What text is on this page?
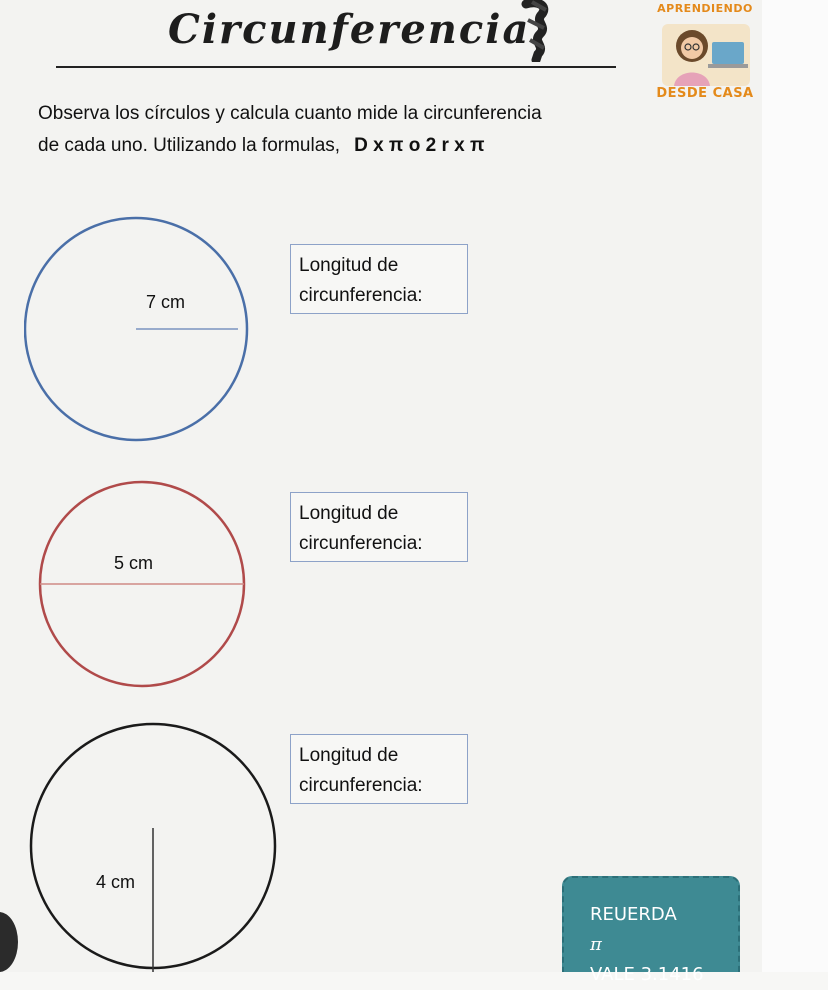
Circunferencia	APRENDIENDO
DESDE CASA
Observa los círculos y calcula cuanto mide la circunferencia
de cada uno. Utilizando la formulas, D x π o 2 r x π
7 cm
Longitud de
circunferencia:
5 cm
Longitud de
circunferencia:
4 cm
Longitud de
circunferencia:
REUERDA
π
VALE 3.1416
